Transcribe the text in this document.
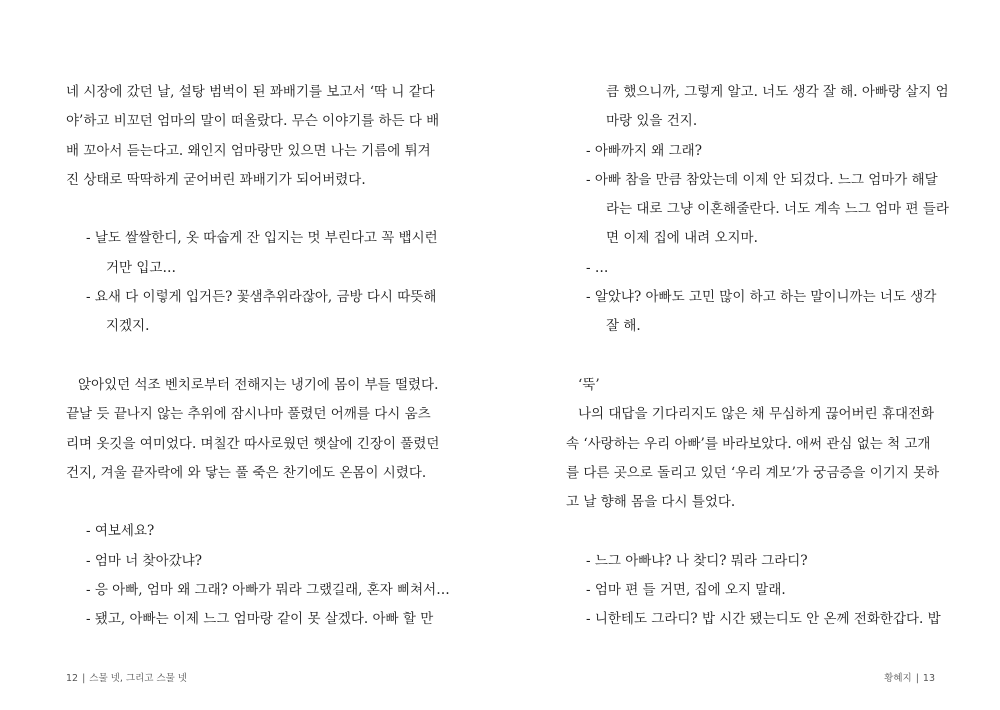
네 시장에 갔던 날, 설탕 범벅이 된 꽈배기를 보고서 ‘딱 니 같다
야’하고 비꼬던 엄마의 말이 떠올랐다. 무슨 이야기를 하든 다 배
배 꼬아서 듣는다고. 왜인지 엄마랑만 있으면 나는 기름에 튀겨
진 상태로 딱딱하게 굳어버린 꽈배기가 되어버렸다.
- 날도 쌀쌀한디, 옷 따숩게 잔 입지는 멋 부린다고 꼭 뱁시런
거만 입고…
- 요새 다 이렇게 입거든? 꽃샘추위라잖아, 금방 다시 따뜻해
지겠지.
앉아있던 석조 벤치로부터 전해지는 냉기에 몸이 부들 떨렸다.
끝날 듯 끝나지 않는 추위에 잠시나마 풀렸던 어깨를 다시 움츠
리며 옷깃을 여미었다. 며칠간 따사로웠던 햇살에 긴장이 풀렸던
건지, 겨울 끝자락에 와 닿는 풀 죽은 찬기에도 온몸이 시렸다.
- 여보세요?
- 엄마 너 찾아갔냐?
- 응 아빠, 엄마 왜 그래? 아빠가 뭐라 그랬길래, 혼자 삐쳐서…
- 됐고, 아빠는 이제 느그 엄마랑 같이 못 살겠다. 아빠 할 만
12 | 스물 넷, 그리고 스물 넷
큼 했으니까, 그렇게 알고. 너도 생각 잘 해. 아빠랑 살지 엄
마랑 있을 건지.
- 아빠까지 왜 그래?
- 아빠 참을 만큼 참았는데 이제 안 되겄다. 느그 엄마가 해달
라는 대로 그냥 이혼해줄란다. 너도 계속 느그 엄마 편 들라
면 이제 집에 내려 오지마.
- …
- 알았냐? 아빠도 고민 많이 하고 하는 말이니까는 너도 생각
잘 해.
‘뚝’
나의 대답을 기다리지도 않은 채 무심하게 끊어버린 휴대전화
속 ‘사랑하는 우리 아빠’를 바라보았다. 애써 관심 없는 척 고개
를 다른 곳으로 돌리고 있던 ‘우리 계모’가 궁금증을 이기지 못하
고 날 향해 몸을 다시 틀었다.
- 느그 아빠냐? 나 찾디? 뭐라 그라디?
- 엄마 편 들 거면, 집에 오지 말래.
- 니한테도 그라디? 밥 시간 됐는디도 안 온께 전화한갑다. 밥
황혜지 | 13
